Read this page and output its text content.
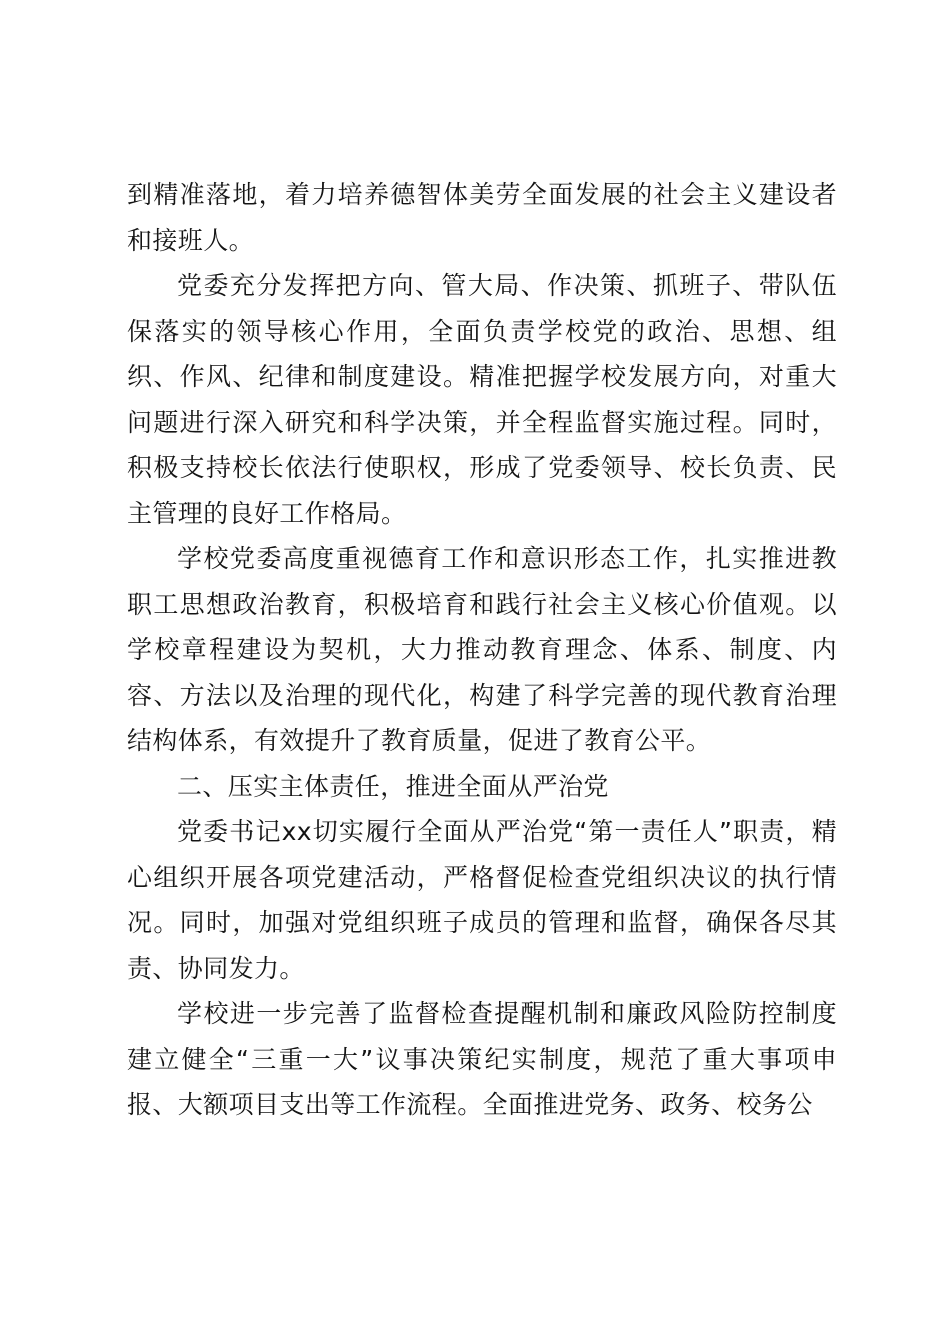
到精准落地，着力培养德智体美劳全面发展的社会主义建设者和接班人。

党委充分发挥把方向、管大局、作决策、抓班子、带队伍保落实的领导核心作用，全面负责学校党的政治、思想、组织、作风、纪律和制度建设。精准把握学校发展方向，对重大问题进行深入研究和科学决策，并全程监督实施过程。同时，积极支持校长依法行使职权，形成了党委领导、校长负责、民主管理的良好工作格局。

学校党委高度重视德育工作和意识形态工作，扎实推进教职工思想政治教育，积极培育和践行社会主义核心价值观。以学校章程建设为契机，大力推动教育理念、体系、制度、内容、方法以及治理的现代化，构建了科学完善的现代教育治理结构体系，有效提升了教育质量，促进了教育公平。

二、压实主体责任，推进全面从严治党

党委书记xx切实履行全面从严治党“第一责任人”职责，精心组织开展各项党建活动，严格督促检查党组织决议的执行情况。同时，加强对党组织班子成员的管理和监督，确保各尽其责、协同发力。

学校进一步完善了监督检查提醒机制和廉政风险防控制度建立健全“三重一大”议事决策纪实制度，规范了重大事项申报、大额项目支出等工作流程。全面推进党务、政务、校务公
